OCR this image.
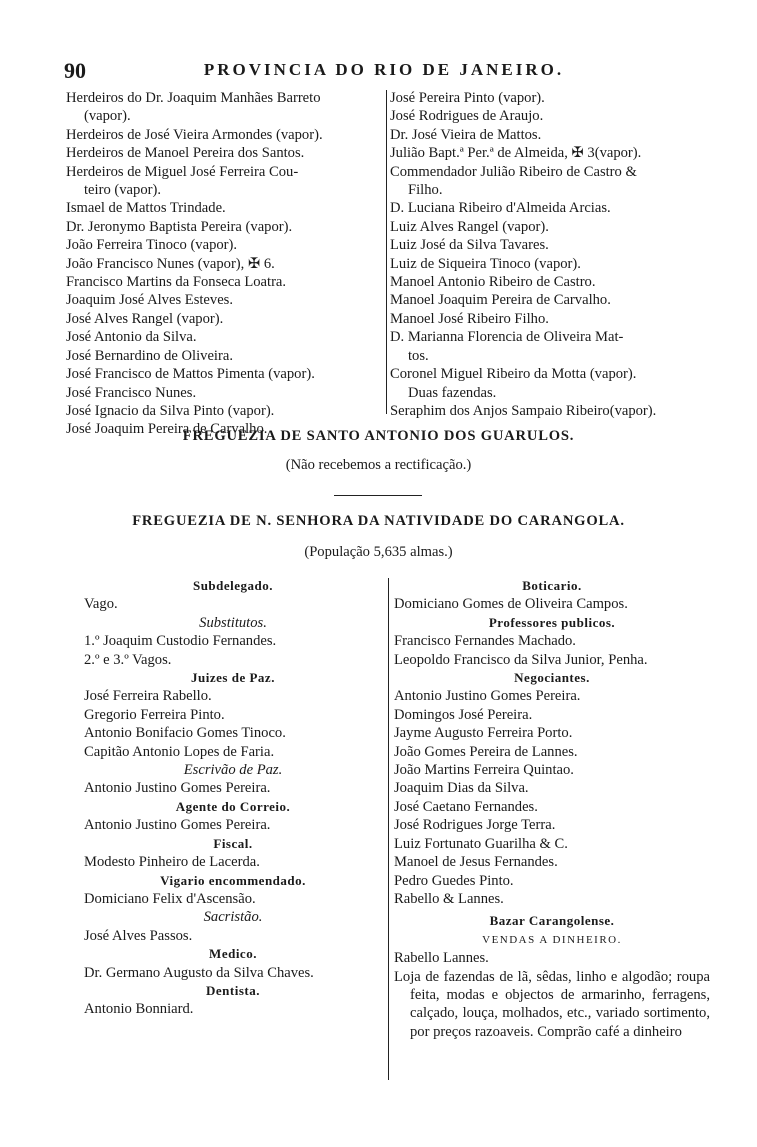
90	PROVINCIA DO RIO DE JANEIRO.
Herdeiros do Dr. Joaquim Manhães Barreto
(vapor).
Herdeiros de José Vieira Armondes (vapor).
Herdeiros de Manoel Pereira dos Santos.
Herdeiros de Miguel José Ferreira Cou-
teiro (vapor).
Ismael de Mattos Trindade.
Dr. Jeronymo Baptista Pereira (vapor).
João Ferreira Tinoco (vapor).
João Francisco Nunes (vapor), ✠ 6.
Francisco Martins da Fonseca Loatra.
Joaquim José Alves Esteves.
José Alves Rangel (vapor).
José Antonio da Silva.
José Bernardino de Oliveira.
José Francisco de Mattos Pimenta (vapor).
José Francisco Nunes.
José Ignacio da Silva Pinto (vapor).
José Joaquim Pereira de Carvalho.
José Pereira Pinto (vapor).
José Rodrigues de Araujo.
Dr. José Vieira de Mattos.
Julião Bapt.ª Per.ª de Almeida, ✠ 3(vapor).
Commendador Julião Ribeiro de Castro &
Filho.
D. Luciana Ribeiro d'Almeida Arcias.
Luiz Alves Rangel (vapor).
Luiz José da Silva Tavares.
Luiz de Siqueira Tinoco (vapor).
Manoel Antonio Ribeiro de Castro.
Manoel Joaquim Pereira de Carvalho.
Manoel José Ribeiro Filho.
D. Marianna Florencia de Oliveira Mat-
tos.
Coronel Miguel Ribeiro da Motta (vapor).
Duas fazendas.
Seraphim dos Anjos Sampaio Ribeiro(vapor).
FREGUEZIA DE SANTO ANTONIO DOS GUARULOS.
(Não recebemos a rectificação.)
FREGUEZIA DE N. SENHORA DA NATIVIDADE DO CARANGOLA.
(População 5,635 almas.)
Subdelegado.
Vago.
Substitutos.
1.º Joaquim Custodio Fernandes.
2.º e 3.º Vagos.
Juizes de Paz.
José Ferreira Rabello.
Gregorio Ferreira Pinto.
Antonio Bonifacio Gomes Tinoco.
Capitão Antonio Lopes de Faria.
Escrivão de Paz.
Antonio Justino Gomes Pereira.
Agente do Correio.
Antonio Justino Gomes Pereira.
Fiscal.
Modesto Pinheiro de Lacerda.
Vigario encommendado.
Domiciano Felix d'Ascensão.
Sacristão.
José Alves Passos.
Medico.
Dr. Germano Augusto da Silva Chaves.
Dentista.
Antonio Bonniard.
Boticario.
Domiciano Gomes de Oliveira Campos.
Professores publicos.
Francisco Fernandes Machado.
Leopoldo Francisco da Silva Junior, Penha.
Negociantes.
Antonio Justino Gomes Pereira.
Domingos José Pereira.
Jayme Augusto Ferreira Porto.
João Gomes Pereira de Lannes.
João Martins Ferreira Quintao.
Joaquim Dias da Silva.
José Caetano Fernandes.
José Rodrigues Jorge Terra.
Luiz Fortunato Guarilha & C.
Manoel de Jesus Fernandes.
Pedro Guedes Pinto.
Rabello & Lannes.
Bazar Carangolense.
VENDAS A DINHEIRO.
Rabello Lannes.
Loja de fazendas de lã, sêdas, linho e algodão; roupa feita, modas e objectos de armarinho, ferragens, calçado, louça, molhados, etc., variado sortimento, por preços razoaveis. Comprão café a dinheiro
